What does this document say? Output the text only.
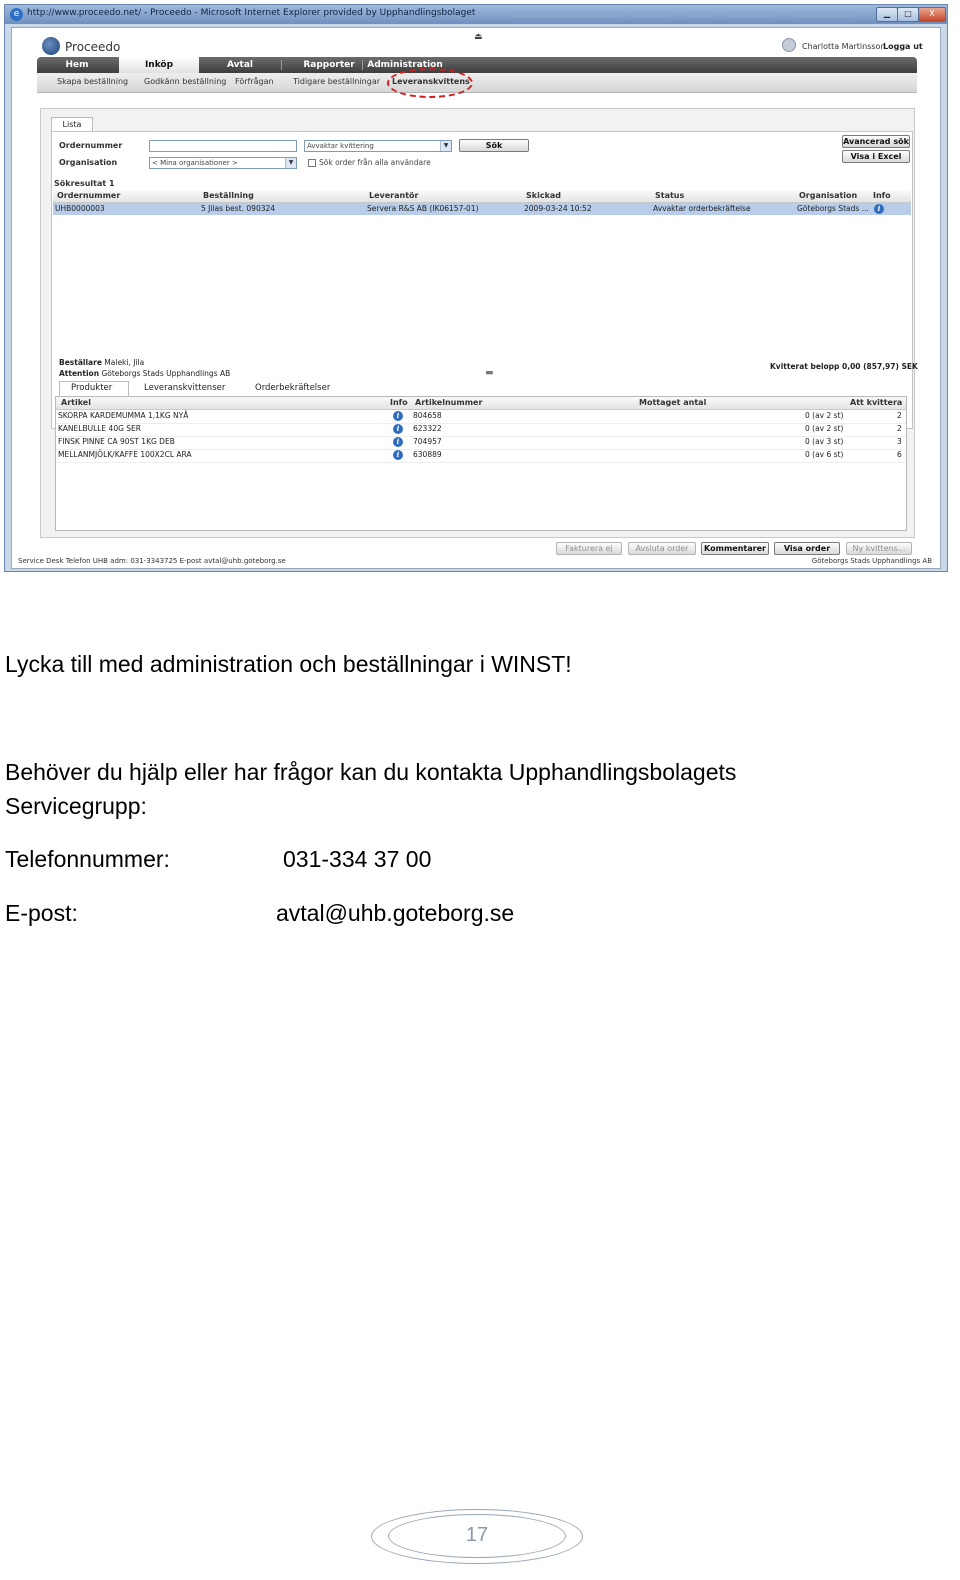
e http://www.proceedo.net/ - Proceedo - Microsoft Internet Explorer provided by Upphandlingsbolaget	▁	□	X
Proceedo
⏏
Charlotta Martinsson
Logga ut
Hem	Inköp	Avtal	Rapporter	Administration
Skapa beställning Godkänn beställning Förfrågan Tidigare beställningar Leveranskvittens
Lista
Ordernummer
Organisation	< Mina organisationer >	▼
Avvaktar kvittering	▼
Sök order från alla användare
Sök	Avancerad sök
Visa i Excel
Sökresultat 1
Ordernummer	Beställning	Leverantör	Skickad	Status	Organisation Info
UHB0000003	5 Jilas best. 090324	Servera R&S AB (IK06157-01)	2009-03-24 10:52	Avvaktar orderbekräftelse	Göteborgs Stads ...	i
Beställare Maleki, Jila
Attention Göteborgs Stads Upphandlings AB
Kvitterat belopp 0,00 (857,97) SEK
▬
Produkter	Leveranskvittenser	Orderbekräftelser
Artikel	Info Artikelnummer	Mottaget antal	Att kvittera
SKORPA KARDEMUMMA 1,1KG NYÅ	i	804658	0 (av 2 st)	2
KANELBULLE 40G SER	i	623322	0 (av 2 st)	2
FINSK PINNE CA 90ST 1KG DEB	i	704957	0 (av 3 st)	3
MELLANMJÖLK/KAFFE 100X2CL ARA	i	630889	0 (av 6 st)	6
Fakturera ej	Avsluta order	Kommentarer	Visa order	Ny kvittens...
Service Desk Telefon UHB adm: 031-3343725 E-post avtal@uhb.goteborg.se	Göteborgs Stads Upphandlings AB
Lycka till med administration och beställningar i WINST!
Behöver du hjälp eller har frågor kan du kontakta Upphandlingsbolagets
Servicegrupp:
Telefonnummer:	031-334 37 00
E-post:	avtal@uhb.goteborg.se
17
